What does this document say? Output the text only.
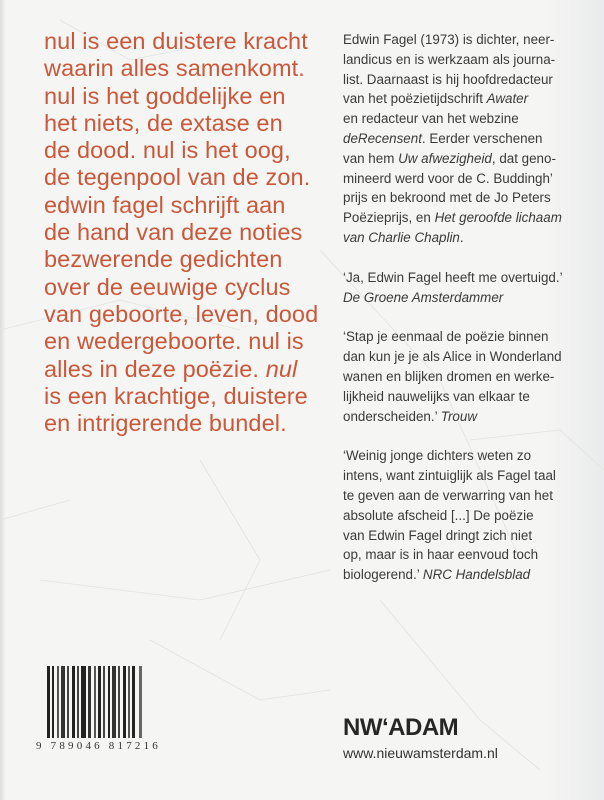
nul is een duistere kracht
waarin alles samenkomt.
nul is het goddelijke en
het niets, de extase en
de dood. nul is het oog,
de tegenpool van de zon.
edwin fagel schrijft aan
de hand van deze noties
bezwerende gedichten
over de eeuwige cyclus
van geboorte, leven, dood
en wedergeboorte. nul is
alles in deze poëzie. nul
is een krachtige, duistere
en intrigerende bundel.
Edwin Fagel (1973) is dichter, neer-
landicus en is werkzaam als journa-
list. Daarnaast is hij hoofdredacteur
van het poëzietijdschrift Awater
en redacteur van het webzine
deRecensent. Eerder verschenen
van hem Uw afwezigheid, dat geno-
mineerd werd voor de C. Buddingh’
prijs en bekroond met de Jo Peters
Poëzieprijs, en Het geroofde lichaam
van Charlie Chaplin.
‘Ja, Edwin Fagel heeft me overtuigd.’
De Groene Amsterdammer
‘Stap je eenmaal de poëzie binnen
dan kun je je als Alice in Wonderland
wanen en blijken dromen en werke-
lijkheid nauwelijks van elkaar te
onderscheiden.’ Trouw
‘Weinig jonge dichters weten zo
intens, want zintuiglijk als Fagel taal
te geven aan de verwarring van het
absolute afscheid [...] De poëzie
van Edwin Fagel dringt zich niet
op, maar is in haar eenvoud toch
biologerend.’ NRC Handelsblad
9 789046 817216
NW‘ADAM
www.nieuwamsterdam.nl
